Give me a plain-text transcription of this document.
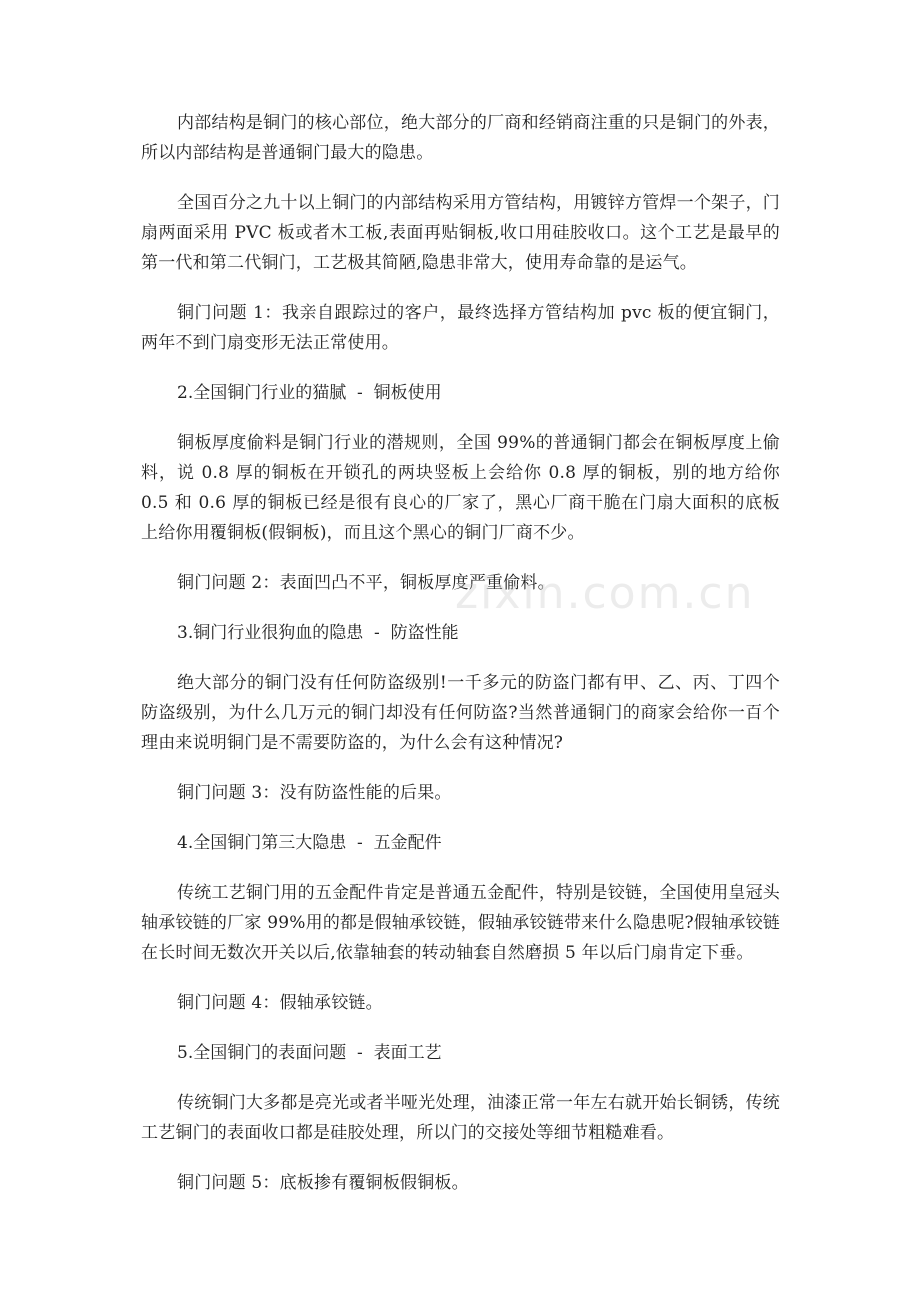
内部结构是铜门的核心部位，绝大部分的厂商和经销商注重的只是铜门的外表，所以内部结构是普通铜门最大的隐患。

全国百分之九十以上铜门的内部结构采用方管结构，用镀锌方管焊一个架子，门扇两面采用 PVC 板或者木工板,表面再贴铜板,收口用硅胶收口。这个工艺是最早的第一代和第二代铜门，工艺极其简陋,隐患非常大，使用寿命靠的是运气。

铜门问题 1：我亲自跟踪过的客户，最终选择方管结构加 pvc 板的便宜铜门，两年不到门扇变形无法正常使用。

2.全国铜门行业的猫腻  -  铜板使用

铜板厚度偷料是铜门行业的潜规则，全国 99%的普通铜门都会在铜板厚度上偷料，说 0.8 厚的铜板在开锁孔的两块竖板上会给你 0.8 厚的铜板，别的地方给你 0.5 和 0.6 厚的铜板已经是很有良心的厂家了，黑心厂商干脆在门扇大面积的底板上给你用覆铜板(假铜板)，而且这个黑心的铜门厂商不少。

铜门问题 2：表面凹凸不平，铜板厚度严重偷料。

3.铜门行业很狗血的隐患  -  防盗性能

绝大部分的铜门没有任何防盗级别!一千多元的防盗门都有甲、乙、丙、丁四个防盗级别，为什么几万元的铜门却没有任何防盗?当然普通铜门的商家会给你一百个理由来说明铜门是不需要防盗的，为什么会有这种情况?

铜门问题 3：没有防盗性能的后果。

4.全国铜门第三大隐患  -  五金配件

传统工艺铜门用的五金配件肯定是普通五金配件，特别是铰链，全国使用皇冠头轴承铰链的厂家 99%用的都是假轴承铰链，假轴承铰链带来什么隐患呢?假轴承铰链在长时间无数次开关以后,依靠轴套的转动轴套自然磨损 5 年以后门扇肯定下垂。

铜门问题 4：假轴承铰链。

5.全国铜门的表面问题  -  表面工艺

传统铜门大多都是亮光或者半哑光处理，油漆正常一年左右就开始长铜锈，传统工艺铜门的表面收口都是硅胶处理，所以门的交接处等细节粗糙难看。

铜门问题 5：底板掺有覆铜板假铜板。

zixin.com.cn
